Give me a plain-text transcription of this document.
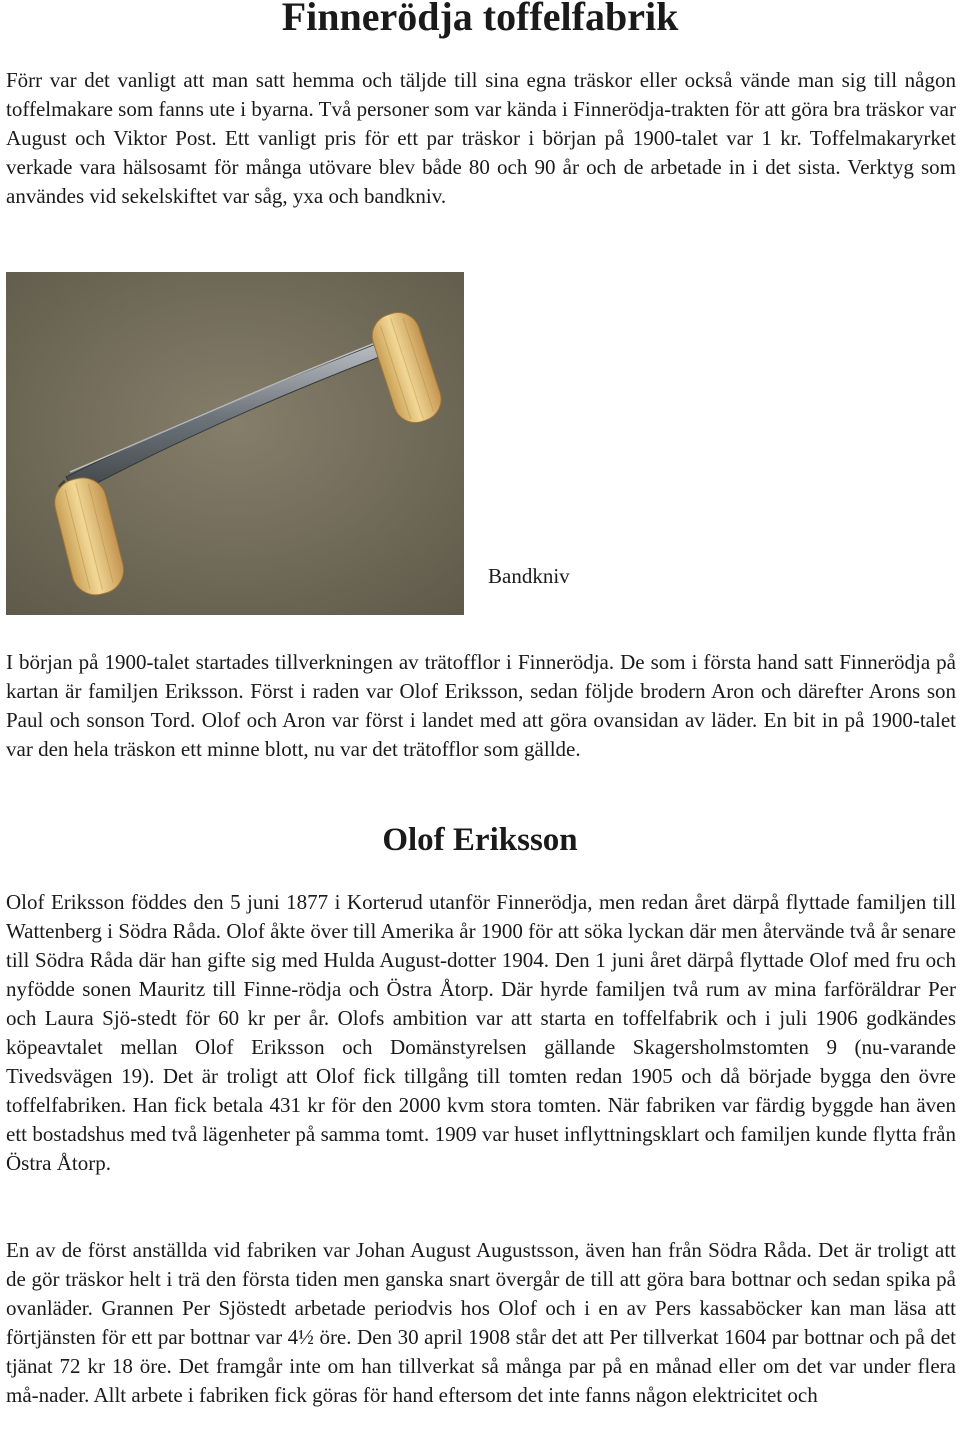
Finnerödja toffelfabrik

Förr var det vanligt att man satt hemma och täljde till sina egna träskor eller också vände man sig till någon toffelmakare som fanns ute i byarna. Två personer som var kända i Finnerödja-trakten för att göra bra träskor var August och Viktor Post. Ett vanligt pris för ett par träskor i början på 1900-talet var 1 kr. Toffelmakaryrket verkade vara hälsosamt för många utövare blev både 80 och 90 år och de arbetade in i det sista. Verktyg som användes vid sekelskiftet var såg, yxa och bandkniv.

Bandkniv

I början på 1900-talet startades tillverkningen av trätofflor i Finnerödja. De som i första hand satt Finnerödja på kartan är familjen Eriksson. Först i raden var Olof Eriksson, sedan följde brodern Aron och därefter Arons son Paul och sonson Tord. Olof och Aron var först i landet med att göra ovansidan av läder. En bit in på 1900-talet var den hela träskon ett minne blott, nu var det trätofflor som gällde.

Olof Eriksson

Olof Eriksson föddes den 5 juni 1877 i Korterud utanför Finnerödja, men redan året därpå flyttade familjen till Wattenberg i Södra Råda. Olof åkte över till Amerika år 1900 för att söka lyckan där men återvände två år senare till Södra Råda där han gifte sig med Hulda August-dotter 1904. Den 1 juni året därpå flyttade Olof med fru och nyfödde sonen Mauritz till Finne-rödja och Östra Åtorp. Där hyrde familjen två rum av mina farföräldrar Per och Laura Sjö-stedt för 60 kr per år. Olofs ambition var att starta en toffelfabrik och i juli 1906 godkändes köpeavtalet mellan Olof Eriksson och Domänstyrelsen gällande Skagersholmstomten 9 (nu-varande Tivedsvägen 19). Det är troligt att Olof fick tillgång till tomten redan 1905 och då började bygga den övre toffelfabriken. Han fick betala 431 kr för den 2000 kvm stora tomten. När fabriken var färdig byggde han även ett bostadshus med två lägenheter på samma tomt. 1909 var huset inflyttningsklart och familjen kunde flytta från Östra Åtorp.

En av de först anställda vid fabriken var Johan August Augustsson, även han från Södra Råda. Det är troligt att de gör träskor helt i trä den första tiden men ganska snart övergår de till att göra bara bottnar och sedan spika på ovanläder. Grannen Per Sjöstedt arbetade periodvis hos Olof och i en av Pers kassaböcker kan man läsa att förtjänsten för ett par bottnar var 4½ öre. Den 30 april 1908 står det att Per tillverkat 1604 par bottnar och på det tjänat 72 kr 18 öre. Det framgår inte om han tillverkat så många par på en månad eller om det var under flera må-nader. Allt arbete i fabriken fick göras för hand eftersom det inte fanns någon elektricitet och
